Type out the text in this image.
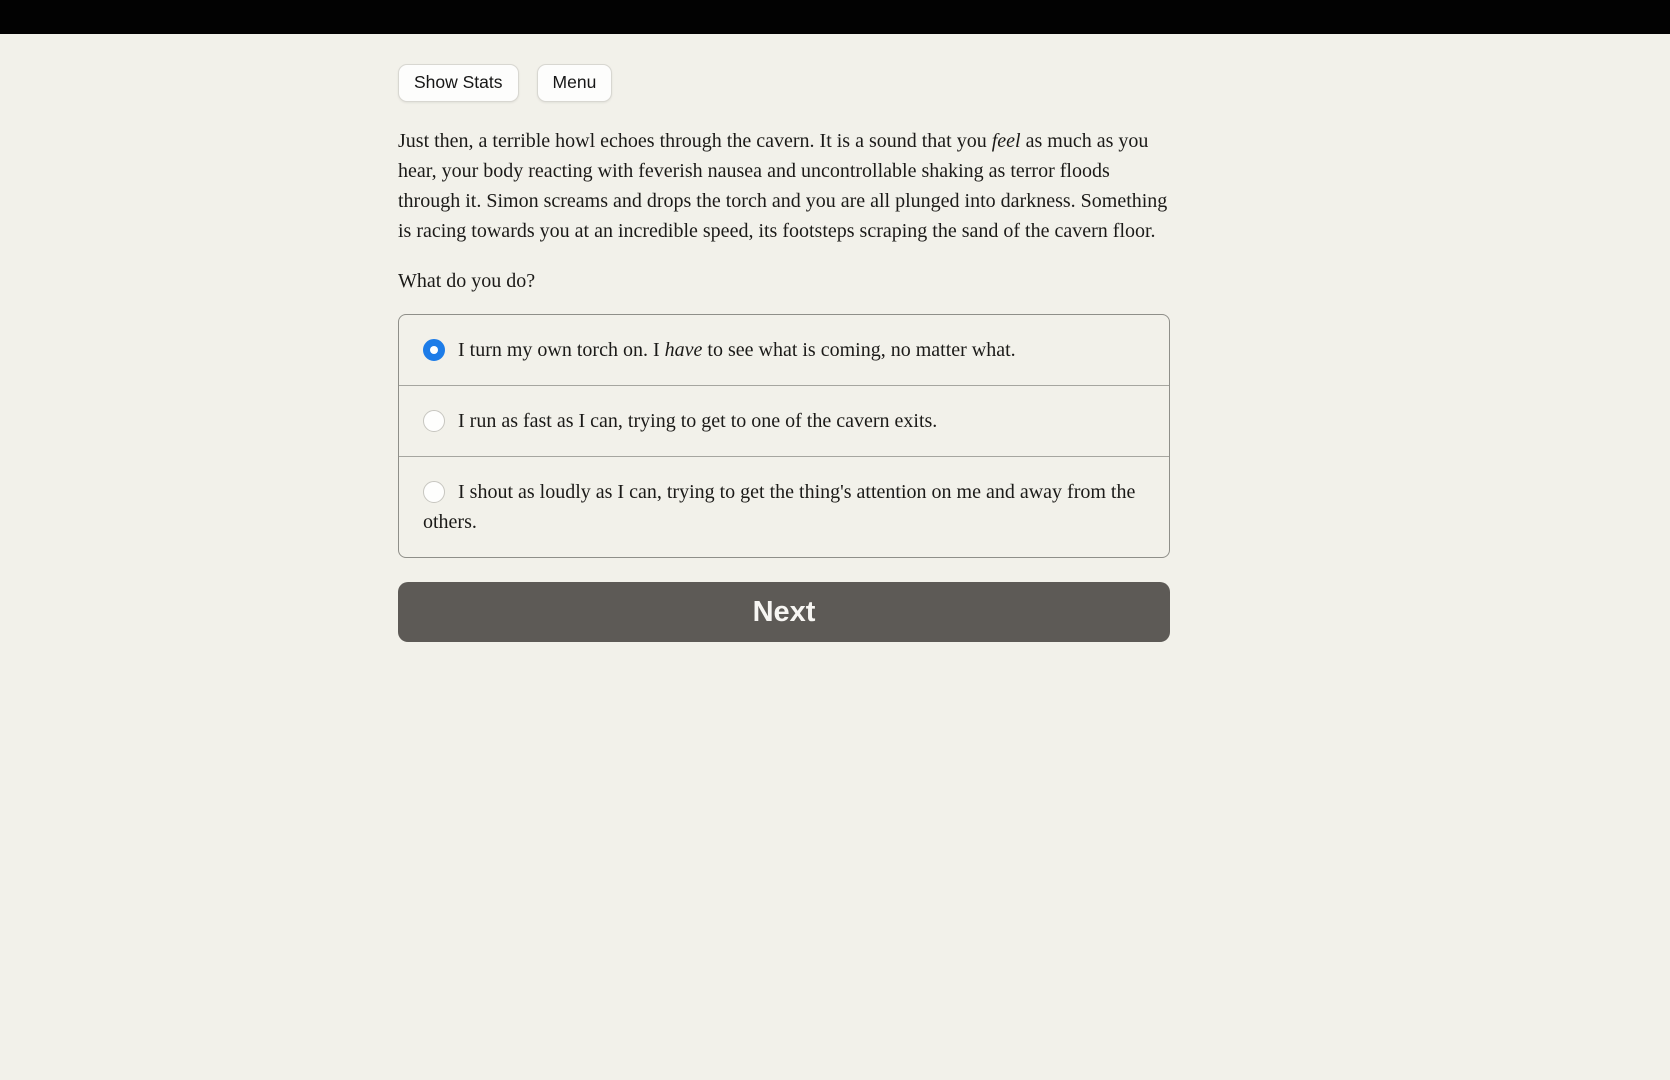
Show Stats	Menu
Just then, a terrible howl echoes through the cavern. It is a sound that you feel as much as you hear, your body reacting with feverish nausea and uncontrollable shaking as terror floods through it. Simon screams and drops the torch and you are all plunged into darkness. Something is racing towards you at an incredible speed, its footsteps scraping the sand of the cavern floor.
What do you do?
I turn my own torch on. I have to see what is coming, no matter what.
I run as fast as I can, trying to get to one of the cavern exits.
I shout as loudly as I can, trying to get the thing's attention on me and away from the others.
Next
